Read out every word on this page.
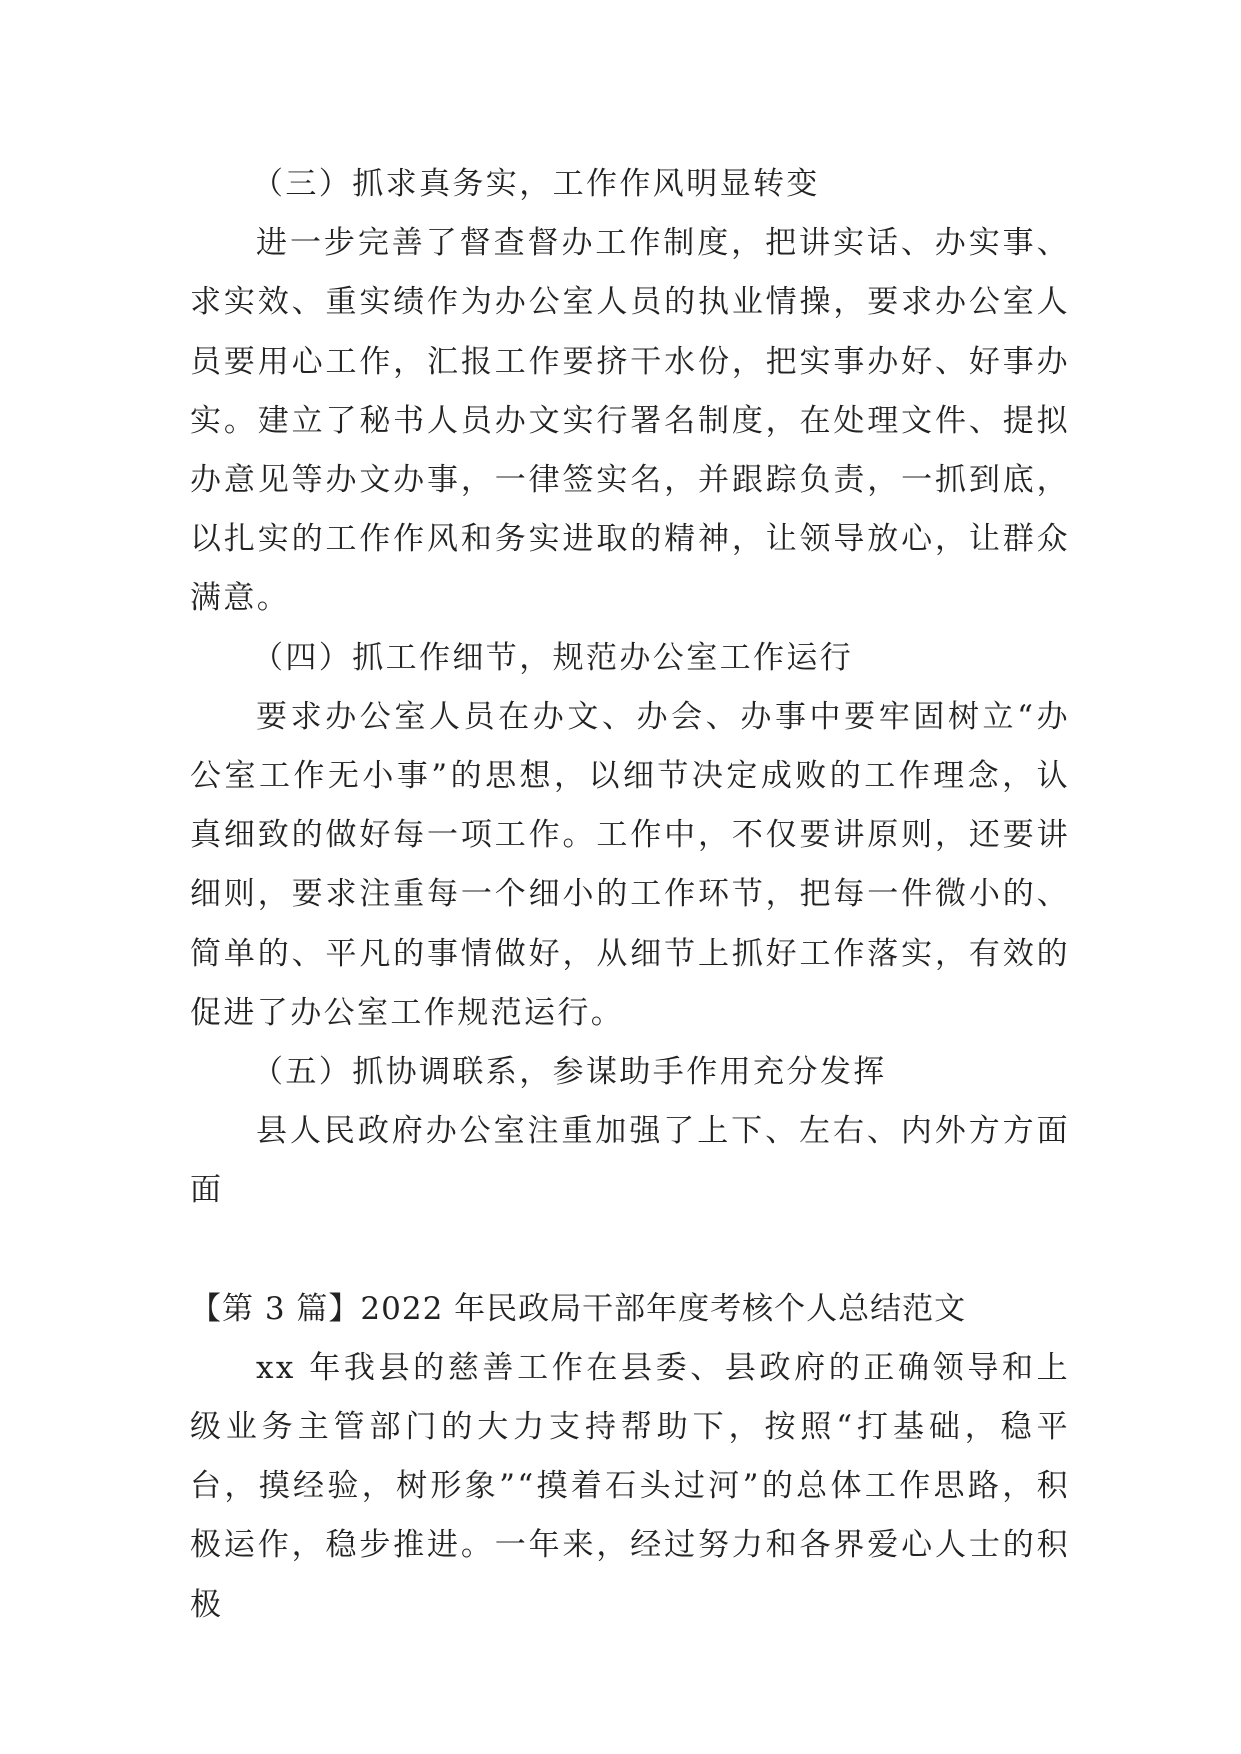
（三）抓求真务实，工作作风明显转变

进一步完善了督查督办工作制度，把讲实话、办实事、求实效、重实绩作为办公室人员的执业情操，要求办公室人员要用心工作，汇报工作要挤干水份，把实事办好、好事办实。建立了秘书人员办文实行署名制度，在处理文件、提拟办意见等办文办事，一律签实名，并跟踪负责，一抓到底，以扎实的工作作风和务实进取的精神，让领导放心，让群众满意。

（四）抓工作细节，规范办公室工作运行

要求办公室人员在办文、办会、办事中要牢固树立“办公室工作无小事”的思想，以细节决定成败的工作理念，认真细致的做好每一项工作。工作中，不仅要讲原则，还要讲细则，要求注重每一个细小的工作环节，把每一件微小的、简单的、平凡的事情做好，从细节上抓好工作落实，有效的促进了办公室工作规范运行。

（五）抓协调联系，参谋助手作用充分发挥

县人民政府办公室注重加强了上下、左右、内外方方面面

【第 3 篇】2022 年民政局干部年度考核个人总结范文

xx 年我县的慈善工作在县委、县政府的正确领导和上级业务主管部门的大力支持帮助下，按照“打基础，稳平台，摸经验，树形象”“摸着石头过河”的总体工作思路，积极运作，稳步推进。一年来，经过努力和各界爱心人士的积极
